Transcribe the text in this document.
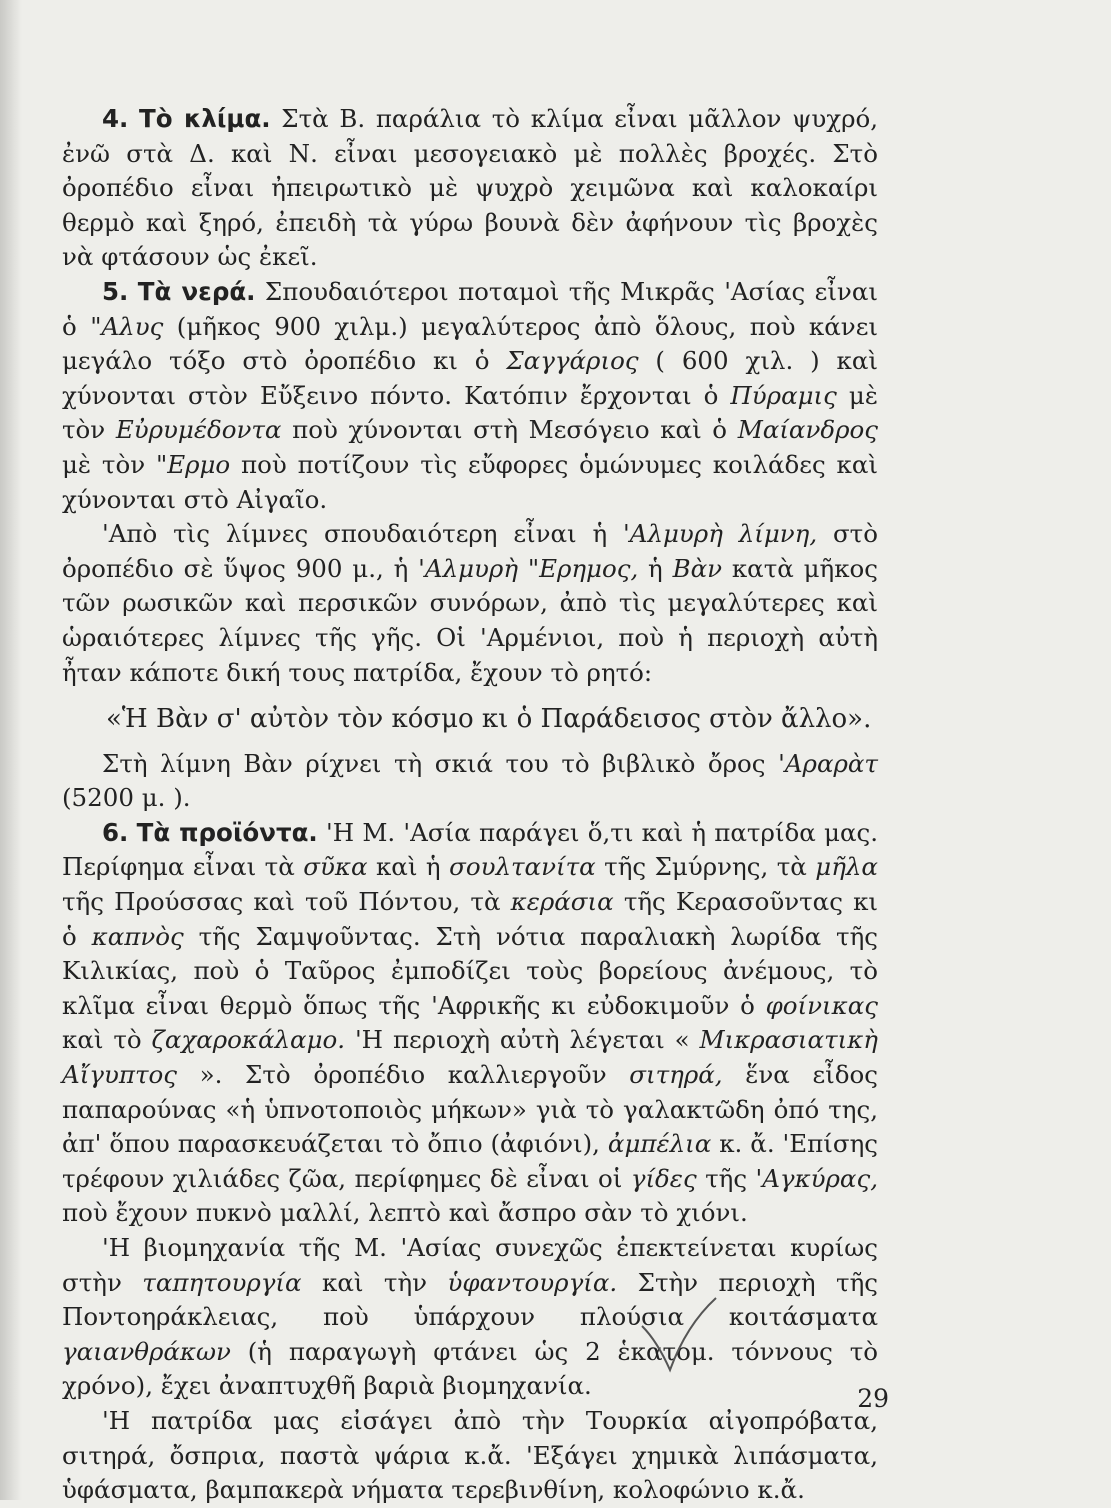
4. Τὸ κλίμα. Στὰ Β. παράλια τὸ κλίμα εἶναι μᾶλλον ψυχρό, ἐνῶ στὰ Δ. καὶ Ν. εἶναι μεσογειακὸ μὲ πολλὲς βροχές. Στὸ ὀροπέδιο εἶναι ἠπειρωτικὸ μὲ ψυχρὸ χειμῶνα καὶ καλοκαίρι θερμὸ καὶ ξηρό, ἐπειδὴ τὰ γύρω βουνὰ δὲν ἀφήνουν τὶς βροχὲς νὰ φτάσουν ὡς ἐκεῖ.

5. Τὰ νερά. Σπουδαιότεροι ποταμοὶ τῆς Μικρᾶς 'Ασίας εἶναι ὁ "Αλυς (μῆκος 900 χιλμ.) μεγαλύτερος ἀπὸ ὅλους, ποὺ κάνει μεγάλο τόξο στὸ ὀροπέδιο κι ὁ Σαγγάριος ( 600 χιλ. ) καὶ χύνονται στὸν Εὔξεινο πόντο. Κατόπιν ἔρχονται ὁ Πύραμις μὲ τὸν Εὐρυμέδοντα ποὺ χύνονται στὴ Μεσόγειο καὶ ὁ Μαίανδρος μὲ τὸν "Ερμο ποὺ ποτίζουν τὶς εὔφορες ὁμώνυμες κοιλάδες καὶ χύνονται στὸ Αἰγαῖο.

'Απὸ τὶς λίμνες σπουδαιότερη εἶναι ἡ 'Αλμυρὴ λίμνη, στὸ ὀροπέδιο σὲ ὕψος 900 μ., ἡ 'Αλμυρὴ "Ερημος, ἡ Βὰν κατὰ μῆκος τῶν ρωσικῶν καὶ περσικῶν συνόρων, ἀπὸ τὶς μεγαλύτερες καὶ ὡραιότερες λίμνες τῆς γῆς. Οἱ 'Αρμένιοι, ποὺ ἡ περιοχὴ αὐτὴ ἦταν κάποτε δική τους πατρίδα, ἔχουν τὸ ρητό:

«Ἡ Βὰν σ' αὐτὸν τὸν κόσμο κι ὁ Παράδεισος στὸν ἄλλο».

Στὴ λίμνη Βὰν ρίχνει τὴ σκιά του τὸ βιβλικὸ ὄρος 'Αραρὰτ (5200 μ. ).

6. Τὰ προϊόντα. 'Η Μ. 'Ασία παράγει ὅ,τι καὶ ἡ πατρίδα μας. Περίφημα εἶναι τὰ σῦκα καὶ ἡ σουλτανίτα τῆς Σμύρνης, τὰ μῆλα τῆς Προύσσας καὶ τοῦ Πόντου, τὰ κεράσια τῆς Κερασοῦντας κι ὁ καπνὸς τῆς Σαμψοῦντας. Στὴ νότια παραλιακὴ λωρίδα τῆς Κιλικίας, ποὺ ὁ Ταῦρος ἐμποδίζει τοὺς βορείους ἀνέμους, τὸ κλῖμα εἶναι θερμὸ ὅπως τῆς 'Αφρικῆς κι εὐδοκιμοῦν ὁ φοίνικας καὶ τὸ ζαχαροκάλαμο. 'Η περιοχὴ αὐτὴ λέγεται « Μικρασιατικὴ Αἴγυπτος ». Στὸ ὀροπέδιο καλλιεργοῦν σιτηρά, ἕνα εἶδος παπαρούνας «ἡ ὑπνοτοποιὸς μήκων» γιὰ τὸ γαλακτῶδη ὀπό της, ἀπ' ὅπου παρασκευάζεται τὸ ὄπιο (ἀφιόνι), ἀμπέλια κ. ἄ. 'Επίσης τρέφουν χιλιάδες ζῶα, περίφημες δὲ εἶναι οἱ γίδες τῆς 'Αγκύρας, ποὺ ἔχουν πυκνὸ μαλλί, λεπτὸ καὶ ἄσπρο σὰν τὸ χιόνι.

'Η βιομηχανία τῆς Μ. 'Ασίας συνεχῶς ἐπεκτείνεται κυρίως στὴν ταπητουργία καὶ τὴν ὑφαντουργία. Στὴν περιοχὴ τῆς Ποντοηράκλειας, ποὺ ὑπάρχουν πλούσια κοιτάσματα γαιανθράκων (ἡ παραγωγὴ φτάνει ὡς 2 ἑκατομ. τόννους τὸ χρόνο), ἔχει ἀναπτυχθῆ βαριὰ βιομηχανία.

'Η πατρίδα μας εἰσάγει ἀπὸ τὴν Τουρκία αἰγοπρόβατα, σιτηρά, ὄσπρια, παστὰ ψάρια κ.ἄ. 'Εξάγει χημικὰ λιπάσματα, ὑφάσματα, βαμπακερὰ νήματα τερεβινθίνη, κολοφώνιο κ.ἄ.

29
